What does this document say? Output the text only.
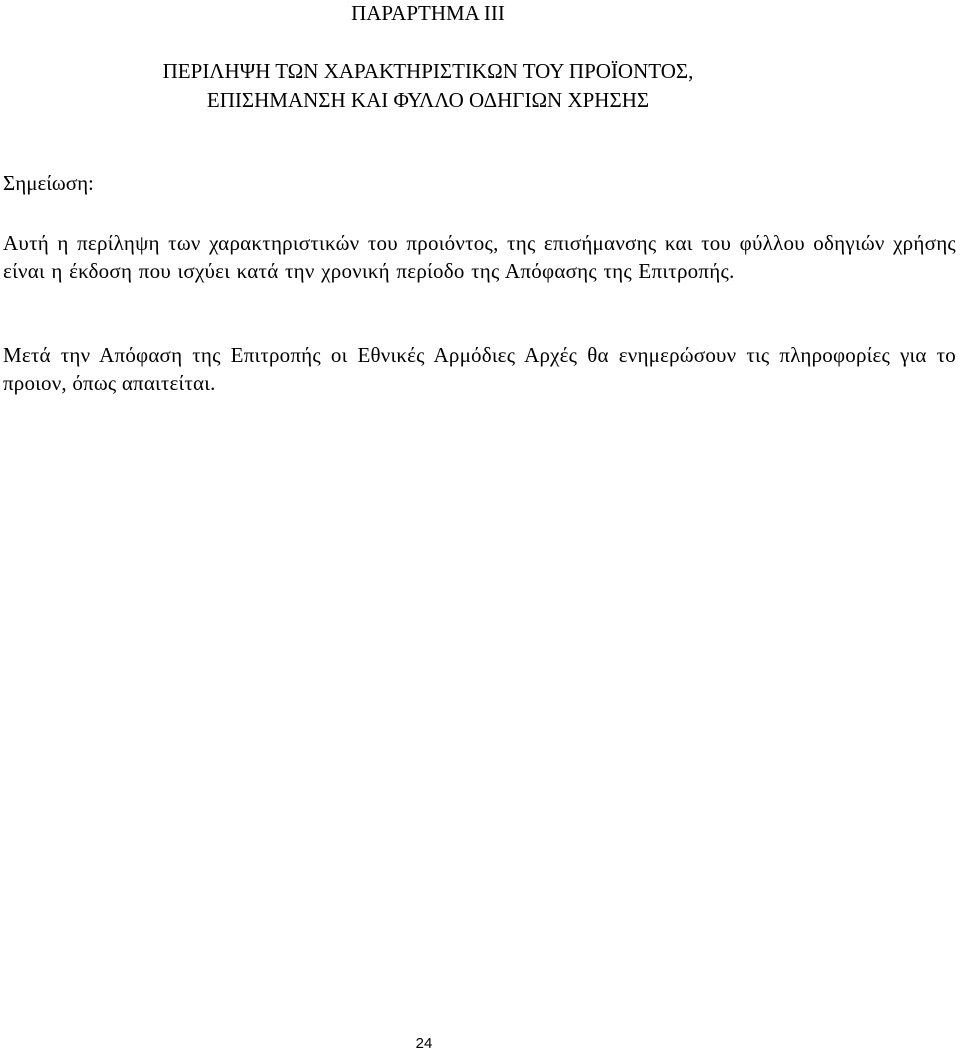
ΠΑΡΑΡΤΗΜΑ III
ΠΕΡΙΛΗΨΗ ΤΩΝ ΧΑΡΑΚΤΗΡΙΣΤΙΚΩΝ ΤΟΥ ΠΡΟΪΟΝΤΟΣ,
ΕΠΙΣΗΜΑΝΣΗ ΚΑΙ ΦΥΛΛΟ ΟΔΗΓΙΩΝ ΧΡΗΣΗΣ

Σημείωση:

Αυτή η περίληψη των χαρακτηριστικών του προιόντος, της επισήμανσης και του φύλλου οδηγιών χρήσης είναι η έκδοση που ισχύει κατά την χρονική περίοδο της Απόφασης της Επιτροπής.

Μετά την Απόφαση της Επιτροπής οι Εθνικές Αρμόδιες Αρχές θα ενημερώσουν τις πληροφορίες για το προιον, όπως απαιτείται.

24
